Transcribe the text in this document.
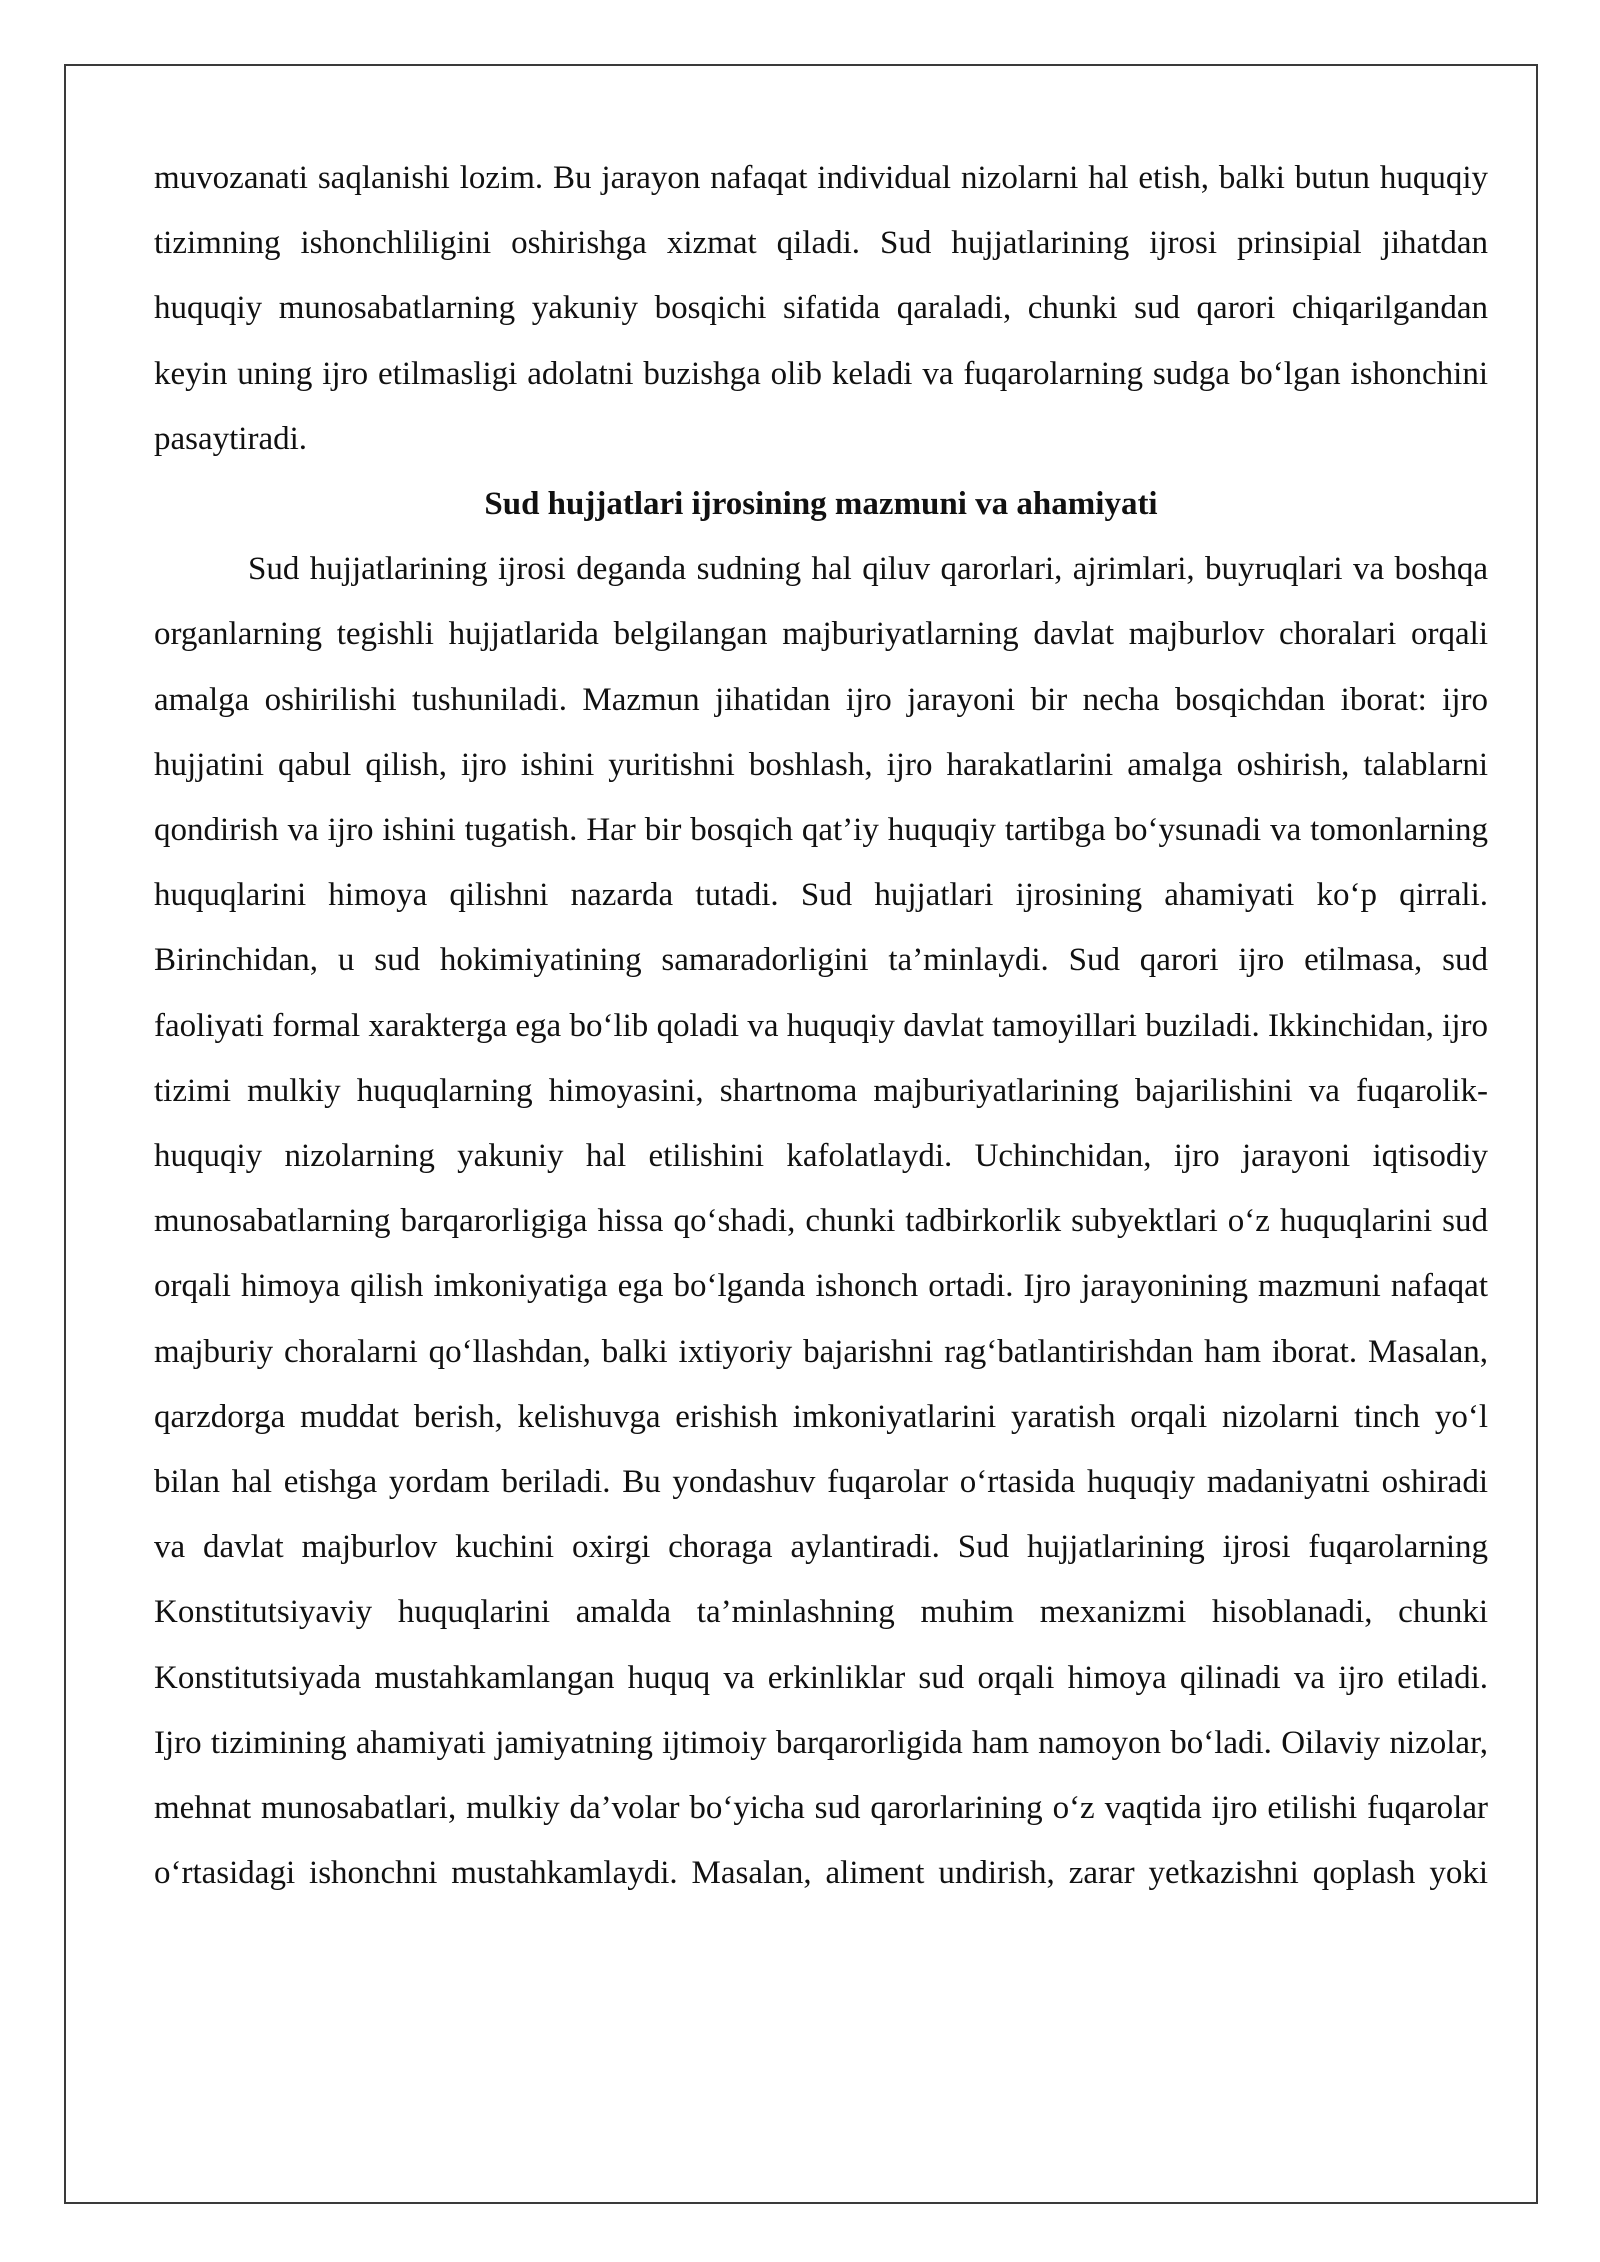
muvozanati saqlanishi lozim. Bu jarayon nafaqat individual nizolarni hal etish, balki butun huquqiy tizimning ishonchliligini oshirishga xizmat qiladi. Sud hujjatlarining ijrosi prinsipial jihatdan huquqiy munosabatlarning yakuniy bosqichi sifatida qaraladi, chunki sud qarori chiqarilgandan keyin uning ijro etilmasligi adolatni buzishga olib keladi va fuqarolarning sudga bo‘lgan ishonchini pasaytiradi.

Sud hujjatlari ijrosining mazmuni va ahamiyati

Sud hujjatlarining ijrosi deganda sudning hal qiluv qarorlari, ajrimlari, buyruqlari va boshqa organlarning tegishli hujjatlarida belgilangan majburiyatlarning davlat majburlov choralari orqali amalga oshirilishi tushuniladi. Mazmun jihatidan ijro jarayoni bir necha bosqichdan iborat: ijro hujjatini qabul qilish, ijro ishini yuritishni boshlash, ijro harakatlarini amalga oshirish, talablarni qondirish va ijro ishini tugatish. Har bir bosqich qat’iy huquqiy tartibga bo‘ysunadi va tomonlarning huquqlarini himoya qilishni nazarda tutadi. Sud hujjatlari ijrosining ahamiyati ko‘p qirrali. Birinchidan, u sud hokimiyatining samaradorligini ta’minlaydi. Sud qarori ijro etilmasa, sud faoliyati formal xarakterga ega bo‘lib qoladi va huquqiy davlat tamoyillari buziladi. Ikkinchidan, ijro tizimi mulkiy huquqlarning himoyasini, shartnoma majburiyatlarining bajarilishini va fuqarolik-huquqiy nizolarning yakuniy hal etilishini kafolatlaydi. Uchinchidan, ijro jarayoni iqtisodiy munosabatlarning barqarorligiga hissa qo‘shadi, chunki tadbirkorlik subyektlari o‘z huquqlarini sud orqali himoya qilish imkoniyatiga ega bo‘lganda ishonch ortadi. Ijro jarayonining mazmuni nafaqat majburiy choralarni qo‘llashdan, balki ixtiyoriy bajarishni rag‘batlantirishdan ham iborat. Masalan, qarzdorga muddat berish, kelishuvga erishish imkoniyatlarini yaratish orqali nizolarni tinch yo‘l bilan hal etishga yordam beriladi. Bu yondashuv fuqarolar o‘rtasida huquqiy madaniyatni oshiradi va davlat majburlov kuchini oxirgi choraga aylantiradi. Sud hujjatlarining ijrosi fuqarolarning Konstitutsiyaviy huquqlarini amalda ta’minlashning muhim mexanizmi hisoblanadi, chunki Konstitutsiyada mustahkamlangan huquq va erkinliklar sud orqali himoya qilinadi va ijro etiladi. Ijro tizimining ahamiyati jamiyatning ijtimoiy barqarorligida ham namoyon bo‘ladi. Oilaviy nizolar, mehnat munosabatlari, mulkiy da’volar bo‘yicha sud qarorlarining o‘z vaqtida ijro etilishi fuqarolar o‘rtasidagi ishonchni mustahkamlaydi. Masalan, aliment undirish, zarar yetkazishni qoplash yoki
